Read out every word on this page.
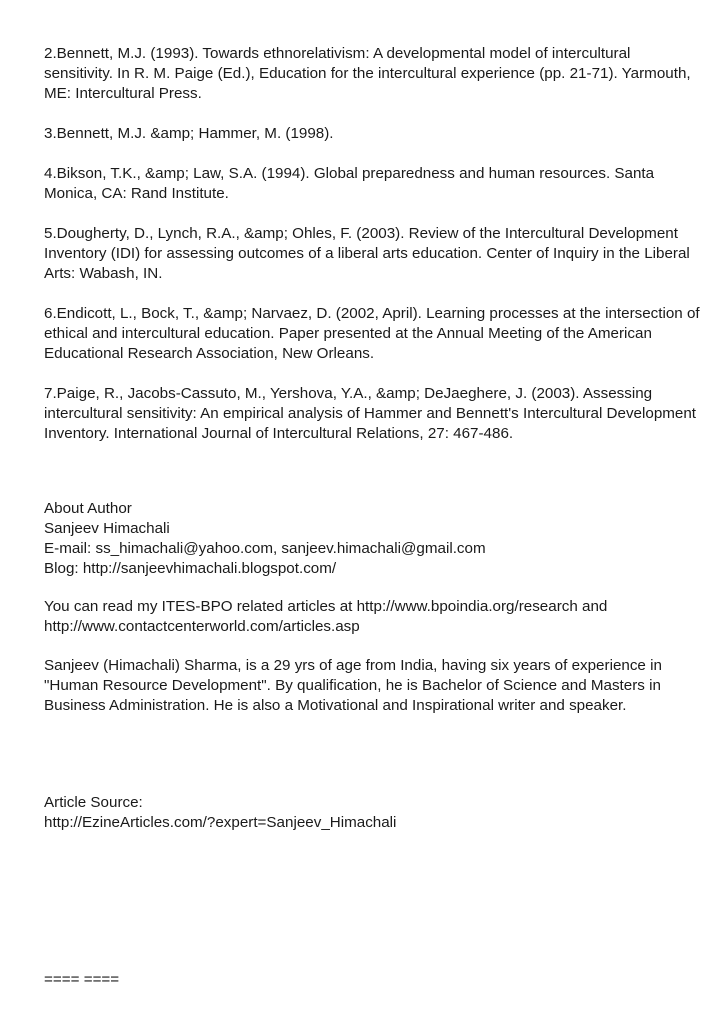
2.Bennett, M.J. (1993). Towards ethnorelativism: A developmental model of intercultural
sensitivity. In R. M. Paige (Ed.), Education for the intercultural experience (pp. 21-71). Yarmouth,
ME: Intercultural Press.
3.Bennett, M.J. &amp; Hammer, M. (1998).
4.Bikson, T.K., &amp; Law, S.A. (1994). Global preparedness and human resources. Santa
Monica, CA: Rand Institute.
5.Dougherty, D., Lynch, R.A., &amp; Ohles, F. (2003). Review of the Intercultural Development
Inventory (IDI) for assessing outcomes of a liberal arts education. Center of Inquiry in the Liberal
Arts: Wabash, IN.
6.Endicott, L., Bock, T., &amp; Narvaez, D. (2002, April). Learning processes at the intersection of
ethical and intercultural education. Paper presented at the Annual Meeting of the American
Educational Research Association, New Orleans.
7.Paige, R., Jacobs-Cassuto, M., Yershova, Y.A., &amp; DeJaeghere, J. (2003). Assessing
intercultural sensitivity: An empirical analysis of Hammer and Bennett's Intercultural Development
Inventory. International Journal of Intercultural Relations, 27: 467-486.
About Author
Sanjeev Himachali
E-mail: ss_himachali@yahoo.com, sanjeev.himachali@gmail.com
Blog: http://sanjeevhimachali.blogspot.com/
You can read my ITES-BPO related articles at http://www.bpoindia.org/research and
http://www.contactcenterworld.com/articles.asp
Sanjeev (Himachali) Sharma, is a 29 yrs of age from India, having six years of experience in
"Human Resource Development". By qualification, he is Bachelor of Science and Masters in
Business Administration. He is also a Motivational and Inspirational writer and speaker.
Article Source:
http://EzineArticles.com/?expert=Sanjeev_Himachali
==== ====
